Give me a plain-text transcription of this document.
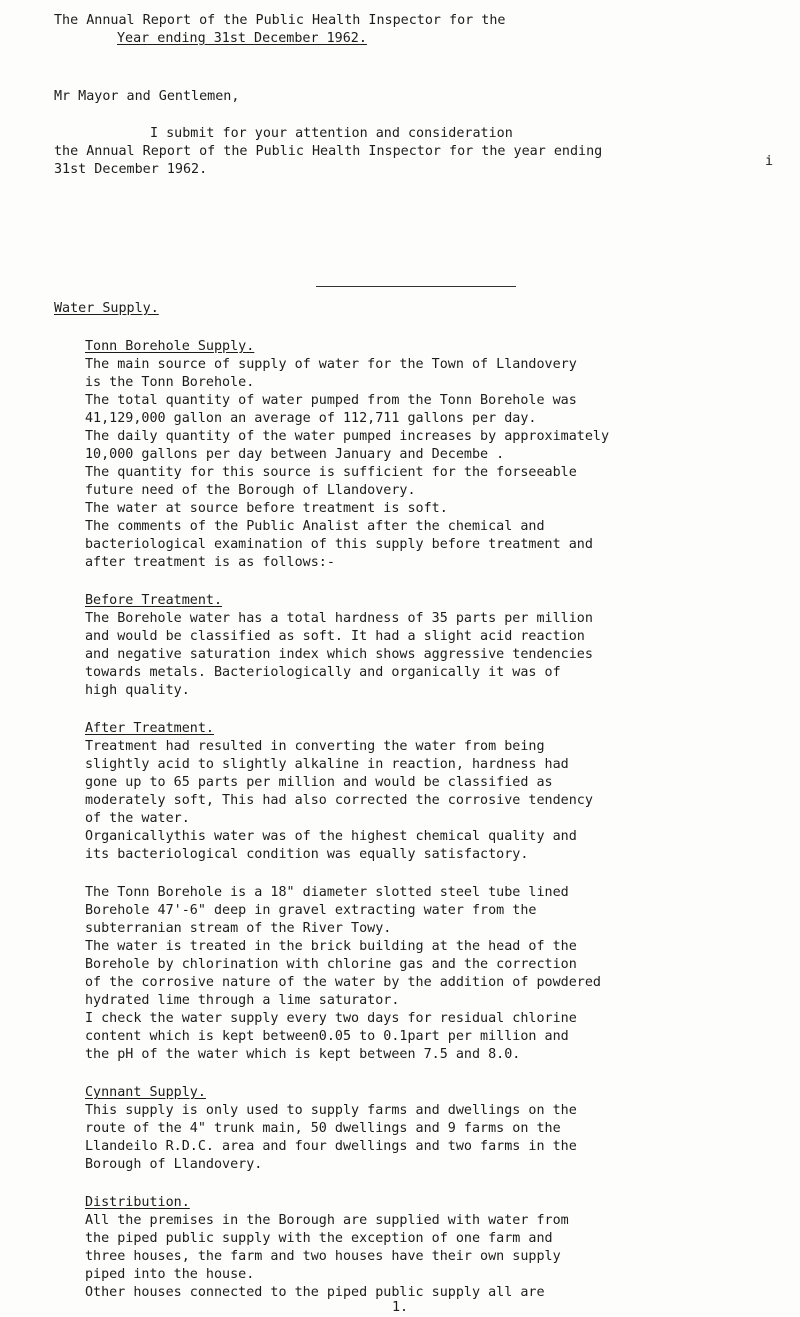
The Annual Report of the Public Health Inspector for the
Year ending 31st December 1962.
Mr Mayor and Gentlemen,
I submit for your attention and consideration
i
the Annual Report of the Public Health Inspector for the year ending
31st December 1962.
Water Supply.
Tonn Borehole Supply.
The main source of supply of water for the Town of Llandovery
is the Tonn Borehole.
The total quantity of water pumped from the Tonn Borehole was
41,129,000 gallon an average of 112,711 gallons per day.
The daily quantity of the water pumped increases by approximately
10,000 gallons per day between January and Decembe .
The quantity for this source is sufficient for the forseeable
future need of the Borough of Llandovery.
The water at source before treatment is soft.
The comments of the Public Analist after the chemical and
bacteriological examination of this supply before treatment and
after treatment is as follows:-
Before Treatment.
The Borehole water has a total hardness of 35 parts per million
and would be classified as soft. It had a slight acid reaction
and negative saturation index which shows aggressive tendencies
towards metals. Bacteriologically and organically it was of
high quality.
After Treatment.
Treatment had resulted in converting the water from being
slightly acid to slightly alkaline in reaction, hardness had
gone up to 65 parts per million and would be classified as
moderately soft, This had also corrected the corrosive tendency
of the water.
Organicallythis water was of the highest chemical quality and
its bacteriological condition was equally satisfactory.
The Tonn Borehole is a 18" diameter slotted steel tube lined
Borehole 47'-6" deep in gravel extracting water from the
subterranian stream of the River Towy.
The water is treated in the brick building at the head of the
Borehole by chlorination with chlorine gas and the correction
of the corrosive nature of the water by the addition of powdered
hydrated lime through a lime saturator.
I check the water supply every two days for residual chlorine
content which is kept between0.05 to 0.1part per million and
the pH of the water which is kept between 7.5 and 8.0.
Cynnant Supply.
This supply is only used to supply farms and dwellings on the
route of the 4" trunk main, 50 dwellings and 9 farms on the
Llandeilo R.D.C. area and four dwellings and two farms in the
Borough of Llandovery.
Distribution.
All the premises in the Borough are supplied with water from
the piped public supply with the exception of one farm and
three houses, the farm and two houses have their own supply
piped into the house.
Other houses connected to the piped public supply all are
1.
